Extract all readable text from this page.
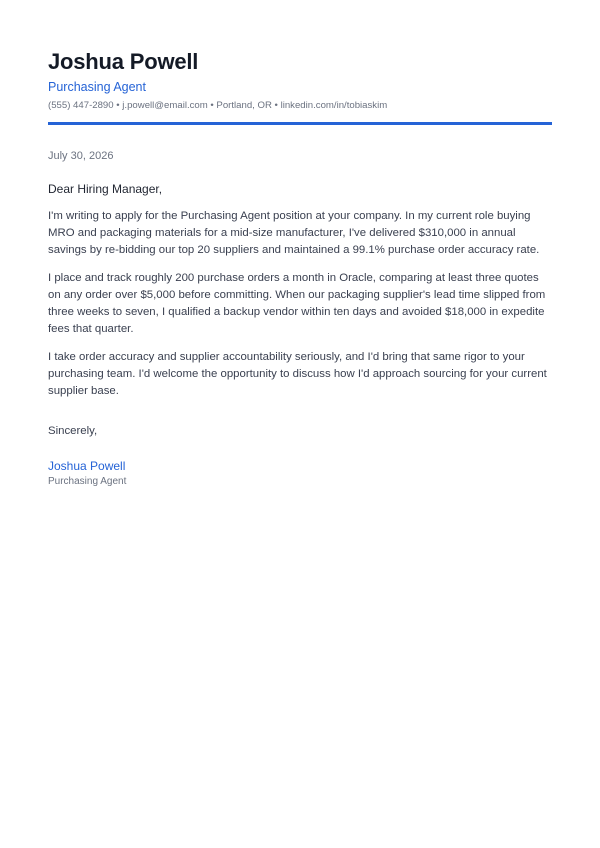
Joshua Powell
Purchasing Agent
(555) 447-2890 • j.powell@email.com • Portland, OR • linkedin.com/in/tobiaskim
July 30, 2026
Dear Hiring Manager,

I'm writing to apply for the Purchasing Agent position at your company. In my current role buying MRO and packaging materials for a mid-size manufacturer, I've delivered $310,000 in annual savings by re-bidding our top 20 suppliers and maintained a 99.1% purchase order accuracy rate.

I place and track roughly 200 purchase orders a month in Oracle, comparing at least three quotes on any order over $5,000 before committing. When our packaging supplier's lead time slipped from three weeks to seven, I qualified a backup vendor within ten days and avoided $18,000 in expedite fees that quarter.

I take order accuracy and supplier accountability seriously, and I'd bring that same rigor to your purchasing team. I'd welcome the opportunity to discuss how I'd approach sourcing for your current supplier base.

Sincerely,
Joshua Powell
Purchasing Agent
